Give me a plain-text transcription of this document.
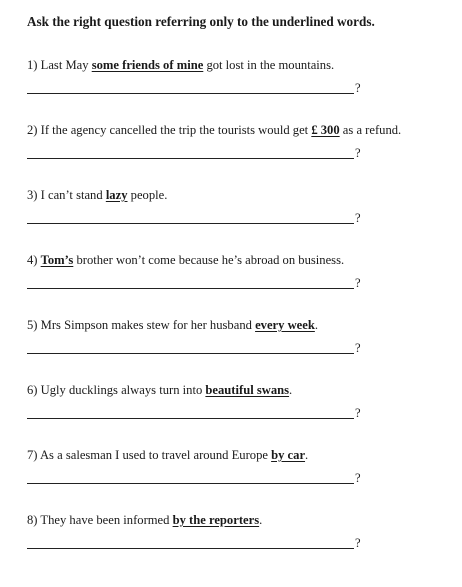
Ask the right question referring only to the underlined words.
1) Last May some friends of mine got lost in the mountains.
?
2) If the agency cancelled the trip the tourists would get £ 300 as a refund.
?
3) I can’t stand lazy people.
?
4) Tom’s brother won’t come because he’s abroad on business.
?
5) Mrs Simpson makes stew for her husband every week.
?
6) Ugly ducklings always turn into beautiful swans.
?
7) As a salesman I used to travel around Europe by car.
?
8) They have been informed by the reporters.
?
